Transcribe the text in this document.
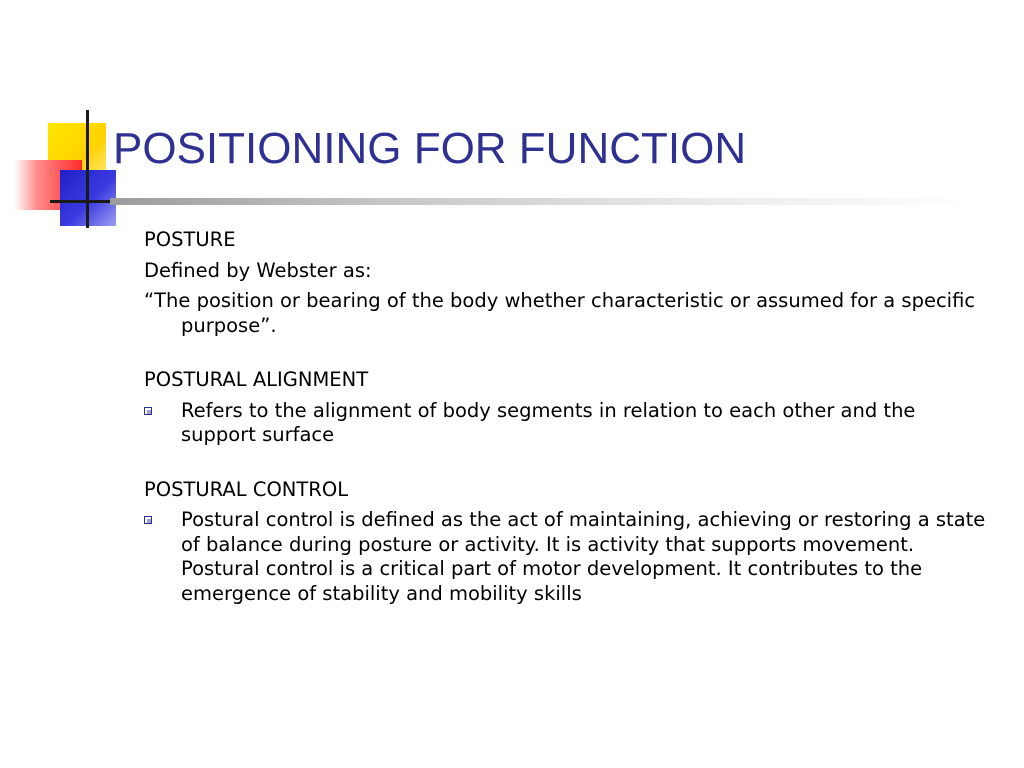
POSITIONING FOR FUNCTION

POSTURE

Defined by Webster as:

“The position or bearing of the body whether characteristic or assumed for a specific purpose”.

POSTURAL ALIGNMENT

Refers to the alignment of body segments in relation to each other and the support surface

POSTURAL CONTROL

Postural control is defined as the act of maintaining, achieving or restoring a state of balance during posture or activity. It is activity that supports movement. Postural control is a critical part of motor development. It contributes to the emergence of stability and mobility skills
